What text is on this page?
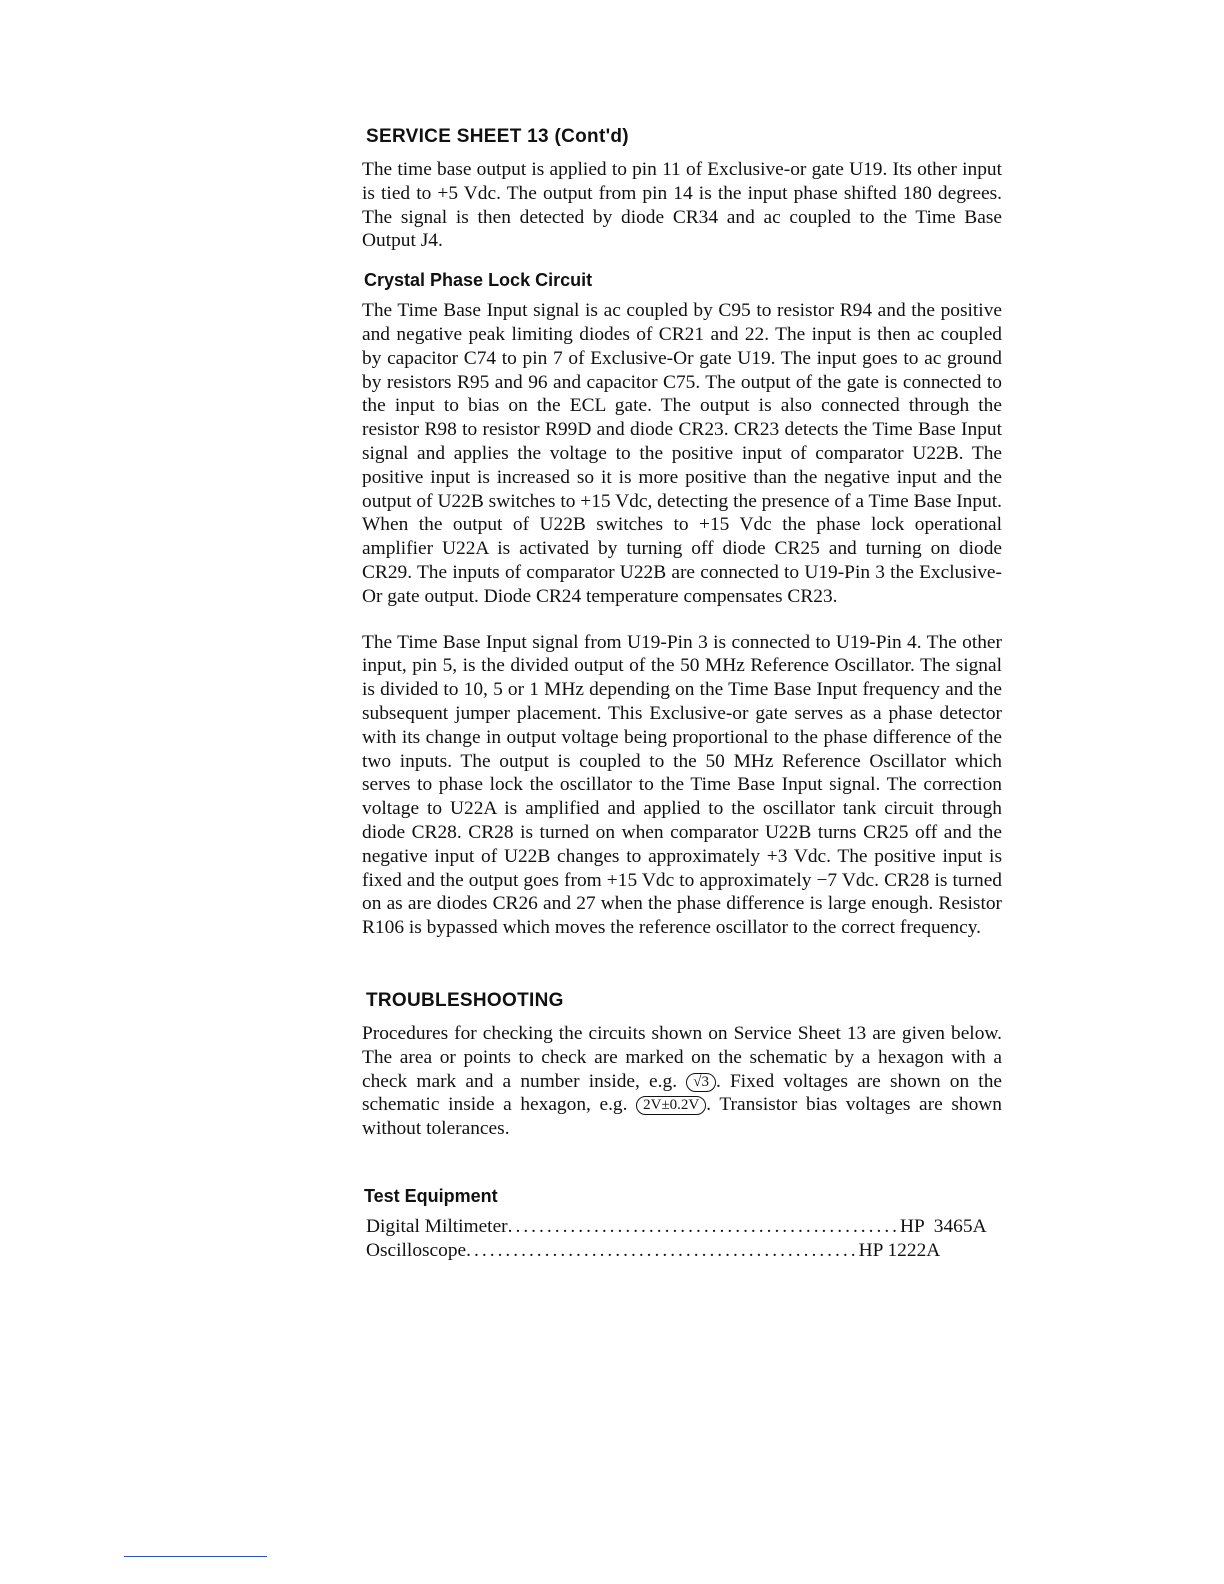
SERVICE SHEET 13 (Cont'd)

The time base output is applied to pin 11 of Exclusive-or gate U19. Its other input is tied to +5 Vdc. The output from pin 14 is the input phase shifted 180 degrees. The signal is then detected by diode CR34 and ac coupled to the Time Base Output J4.

Crystal Phase Lock Circuit

The Time Base Input signal is ac coupled by C95 to resistor R94 and the positive and negative peak limiting diodes of CR21 and 22. The input is then ac coupled by capacitor C74 to pin 7 of Exclusive-Or gate U19. The input goes to ac ground by resistors R95 and 96 and capacitor C75. The output of the gate is connected to the input to bias on the ECL gate. The output is also connected through the resistor R98 to resistor R99D and diode CR23. CR23 detects the Time Base Input signal and applies the voltage to the positive input of comparator U22B. The positive input is increased so it is more positive than the negative input and the output of U22B switches to +15 Vdc, detecting the presence of a Time Base Input. When the output of U22B switches to +15 Vdc the phase lock operational amplifier U22A is activated by turning off diode CR25 and turning on diode CR29. The inputs of comparator U22B are connected to U19-Pin 3 the Exclusive-Or gate output. Diode CR24 temperature compensates CR23.

The Time Base Input signal from U19-Pin 3 is connected to U19-Pin 4. The other input, pin 5, is the divided output of the 50 MHz Reference Oscillator. The signal is divided to 10, 5 or 1 MHz depending on the Time Base Input frequency and the subsequent jumper placement. This Exclusive-or gate serves as a phase detector with its change in output voltage being proportional to the phase difference of the two inputs. The output is coupled to the 50 MHz Reference Oscillator which serves to phase lock the oscillator to the Time Base Input signal. The correction voltage to U22A is amplified and applied to the oscillator tank circuit through diode CR28. CR28 is turned on when comparator U22B turns CR25 off and the negative input of U22B changes to approximately +3 Vdc. The positive input is fixed and the output goes from +15 Vdc to approximately −7 Vdc. CR28 is turned on as are diodes CR26 and 27 when the phase difference is large enough. Resistor R106 is bypassed which moves the reference oscillator to the correct frequency.

TROUBLESHOOTING

Procedures for checking the circuits shown on Service Sheet 13 are given below. The area or points to check are marked on the schematic by a hexagon with a check mark and a number inside, e.g. √3 . Fixed voltages are shown on the schematic inside a hexagon, e.g. 2V±0.2V . Transistor bias voltages are shown without tolerances.

Test Equipment
Digital Miltimeter .................................................. HP  3465A
Oscilloscope .................................................. HP 1222A
